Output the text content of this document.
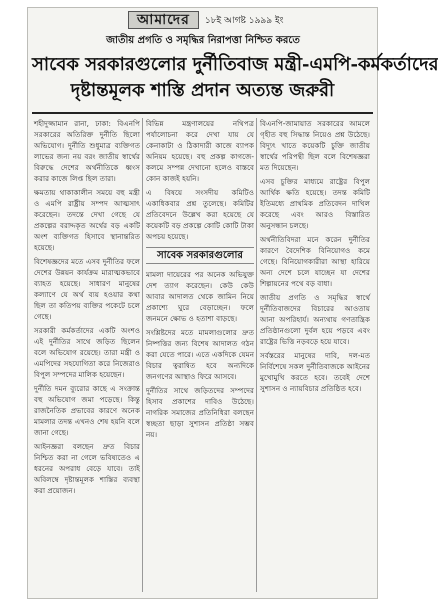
আমাদের	১৮ই আগষ্ট ১৯৯৯ ইং
জাতীয় প্রগতি ও সমৃদ্ধির নিরাপত্তা নিশ্চিত করতে
সাবেক সরকারগুলোর দুর্নীতিবাজ মন্ত্রী-এমপি-কর্মকর্তাদের
দৃষ্টান্তমূলক শাস্তি প্রদান অত্যন্ত জরুরী

শহীদুজ্জামান রানা, ঢাকা: বিএনপি সরকারের অতিরিক্ত দুর্নীতি ছিলো অভিযোগ। দুর্নীতি শুধুমাত্র ব্যক্তিগত লাভের জন্য নয় বরং জাতীয় স্বার্থের বিরুদ্ধে দেশের অর্থনীতিকে ধ্বংস করার কাজে লিপ্ত ছিল তারা।

ক্ষমতায় থাকাকালীন সময়ে বহু মন্ত্রী ও এমপি রাষ্ট্রীয় সম্পদ আত্মসাৎ করেছেন। তদন্তে দেখা গেছে যে প্রকল্পের বরাদ্দকৃত অর্থের বড় একটি অংশ ব্যক্তিগত হিসাবে স্থানান্তরিত হয়েছে।

বিশেষজ্ঞদের মতে এসব দুর্নীতির ফলে দেশের উন্নয়ন কার্যক্রম মারাত্মকভাবে ব্যাহত হয়েছে। সাধারণ মানুষের কল্যাণে যে অর্থ ব্যয় হওয়ার কথা ছিল তা কতিপয় ব্যক্তির পকেটে চলে গেছে।

সরকারী কর্মকর্তাদের একটি অংশও এই দুর্নীতির সাথে জড়িত ছিলেন বলে অভিযোগ রয়েছে। তারা মন্ত্রী ও এমপিদের সহযোগিতা করে নিজেরাও বিপুল সম্পদের মালিক হয়েছেন।

দুর্নীতি দমন ব্যুরোর কাছে এ সংক্রান্ত বহু অভিযোগ জমা পড়েছে। কিন্তু রাজনৈতিক প্রভাবের কারণে অনেক মামলার তদন্ত এখনও শেষ হয়নি বলে জানা গেছে।

আইনজ্ঞরা বলছেন দ্রুত বিচার নিশ্চিত করা না গেলে ভবিষ্যতেও এ ধরনের অপরাধ বেড়ে যাবে। তাই অবিলম্বে দৃষ্টান্তমূলক শাস্তির ব্যবস্থা করা প্রয়োজন।

বিভিন্ন মন্ত্রণালয়ের নথিপত্র পর্যালোচনা করে দেখা যায় যে কেনাকাটা ও ঠিকাদারী কাজে ব্যাপক অনিয়ম হয়েছে। বহু প্রকল্প কাগজে-কলমে সম্পন্ন দেখানো হলেও বাস্তবে কোন কাজই হয়নি।

এ বিষয়ে সংসদীয় কমিটিও একাধিকবার প্রশ্ন তুলেছে। কমিটির প্রতিবেদনে উল্লেখ করা হয়েছে যে কয়েকটি বড় প্রকল্পে কোটি কোটি টাকা অপচয় হয়েছে।

সাবেক সরকারগুলোর

মামলা দায়েরের পর অনেক অভিযুক্ত দেশ ত্যাগ করেছেন। কেউ কেউ আবার আদালত থেকে জামিন নিয়ে প্রকাশ্যে ঘুরে বেড়াচ্ছেন। ফলে জনমনে ক্ষোভ ও হতাশা বাড়ছে।

সংশ্লিষ্টদের মতে মামলাগুলোর দ্রুত নিষ্পত্তির জন্য বিশেষ আদালত গঠন করা যেতে পারে। এতে একদিকে যেমন বিচার ত্বরান্বিত হবে অন্যদিকে জনগণের আস্থাও ফিরে আসবে।

দুর্নীতির সাথে জড়িতদের সম্পদের হিসাব প্রকাশের দাবিও উঠেছে। নাগরিক সমাজের প্রতিনিধিরা বলছেন স্বচ্ছতা ছাড়া সুশাসন প্রতিষ্ঠা সম্ভব নয়।

বিএনপি-জামায়াত সরকারের আমলে গৃহীত বহু সিদ্ধান্ত নিয়েও প্রশ্ন উঠেছে। বিদ্যুৎ খাতে কয়েকটি চুক্তি জাতীয় স্বার্থের পরিপন্থী ছিল বলে বিশেষজ্ঞরা মত দিয়েছেন।

এসব চুক্তির মাধ্যমে রাষ্ট্রের বিপুল আর্থিক ক্ষতি হয়েছে। তদন্ত কমিটি ইতিমধ্যে প্রাথমিক প্রতিবেদন দাখিল করেছে এবং আরও বিস্তারিত অনুসন্ধান চলছে।

অর্থনীতিবিদরা মনে করেন দুর্নীতির কারণে বৈদেশিক বিনিয়োগও কমে গেছে। বিনিয়োগকারীরা আস্থা হারিয়ে অন্য দেশে চলে যাচ্ছেন যা দেশের শিল্পায়নের পথে বড় বাধা।

জাতীয় প্রগতি ও সমৃদ্ধির স্বার্থে দুর্নীতিবাজদের বিচারের আওতায় আনা অপরিহার্য। অন্যথায় গণতান্ত্রিক প্রতিষ্ঠানগুলো দুর্বল হয়ে পড়বে এবং রাষ্ট্রের ভিত্তি নড়বড়ে হয়ে যাবে।

সর্বস্তরের মানুষের দাবি, দল-মত নির্বিশেষে সকল দুর্নীতিবাজকে আইনের মুখোমুখি করতে হবে। তবেই দেশে সুশাসন ও ন্যায়বিচার প্রতিষ্ঠিত হবে।
